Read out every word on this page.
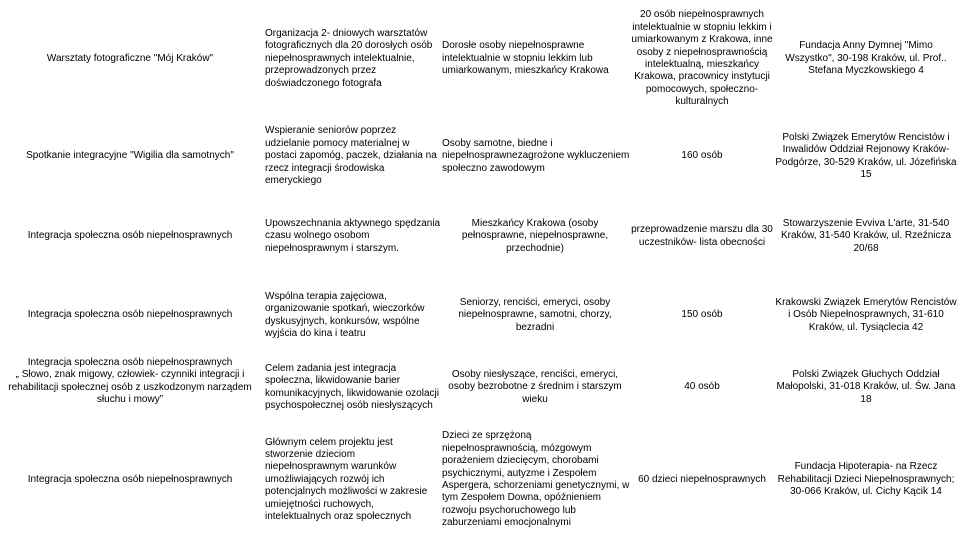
Warsztaty fotograficzne "Mój Kraków"
Organizacja 2- dniowych warsztatów
fotograficznych dla 20 dorosłych osób
niepełnosprawnych intelektualnie,
przeprowadzonych przez
doświadczonego fotografa
Dorosłe osoby niepełnosprawne
intelektualnie w stopniu lekkim lub
umiarkowanym, mieszkańcy Krakowa
20 osób niepełnosprawnych
intelektualnie w stopniu lekkim i
umiarkowanym z Krakowa, inne
osoby z niepełnosprawnością
intelektualną, mieszkańcy
Krakowa, pracownicy instytucji
pomocowych, społeczno-
kulturalnych
Fundacja Anny Dymnej "Mimo
Wszystko", 30-198 Kraków, ul. Prof..
Stefana Myczkowskiego 4
Spotkanie integracyjne "Wigilia dla samotnych"
Wspieranie seniorów poprzez
udzielanie pomocy materialnej w
postaci zapomóg, paczek, działania na
rzecz integracji środowiska
emeryckiego
Osoby samotne, biedne i
niepełnosprawnezagrożone wykluczeniem
społeczno zawodowym
160 osób
Polski Związek Emerytów Rencistów i
Inwalidów Oddział Rejonowy Kraków-
Podgórze, 30-529 Kraków, ul. Józefińska
15
Integracja społeczna osób niepełnosprawnych
Upowszechnania aktywnego spędzania
czasu wolnego osobom
niepełnosprawnym i starszym.
Mieszkańcy Krakowa (osoby
pełnosprawne, niepełnosprawne,
przechodnie)
przeprowadzenie marszu dla 30
uczestników- lista obecności
Stowarzyszenie Evviva L'arte, 31-540
Kraków, 31-540 Kraków, ul. Rzeźnicza
20/68
Integracja społeczna osób niepełnosprawnych
Wspólna terapia zajęciowa,
organizowanie spotkań, wieczorków
dyskusyjnych, konkursów, wspólne
wyjścia do kina i teatru
Seniorzy, renciści, emeryci, osoby
niepełnosprawne, samotni, chorzy,
bezradni
150 osób
Krakowski Związek Emerytów Rencistów
i Osób Niepełnosprawnych, 31-610
Kraków, ul. Tysiąclecia 42
Integracja społeczna osób niepełnosprawnych
„ Słowo, znak migowy, człowiek- czynniki integracji i
rehabilitacji społecznej osób z uszkodzonym narządem
słuchu i mowy”
Celem zadania jest integracja
społeczna, likwidowanie barier
komunikacyjnych, likwidowanie ozolacji
psychospołecznej osób niesłyszących
Osoby niesłyszące, renciści, emeryci,
osoby bezrobotne z średnim i starszym
wieku
40 osób
Polski Związek Głuchych Oddział
Małopolski, 31-018 Kraków, ul. Św. Jana
18
Integracja społeczna osób niepełnosprawnych
Głównym celem projektu jest
stworzenie dzieciom
niepełnosprawnym warunków
umożliwiających rozwój ich
potencjalnych możliwości w zakresie
umiejętności ruchowych,
intelektualnych oraz społecznych
Dzieci ze sprzężoną
niepełnosprawnością, mózgowym
porażeniem dziecięcym, chorobami
psychicznymi, autyzme i Zespołem
Aspergera, schorzeniami genetycznymi, w
tym Zespołem Downa, opóźnieniem
rozwoju psychoruchowego lub
zaburzeniami emocjonalnymi
60 dzieci niepełnosprawnych
Fundacja Hipoterapia- na Rzecz
Rehabilitacji Dzieci Niepełnosprawnych;
30-066 Kraków, ul. Cichy Kącik 14
